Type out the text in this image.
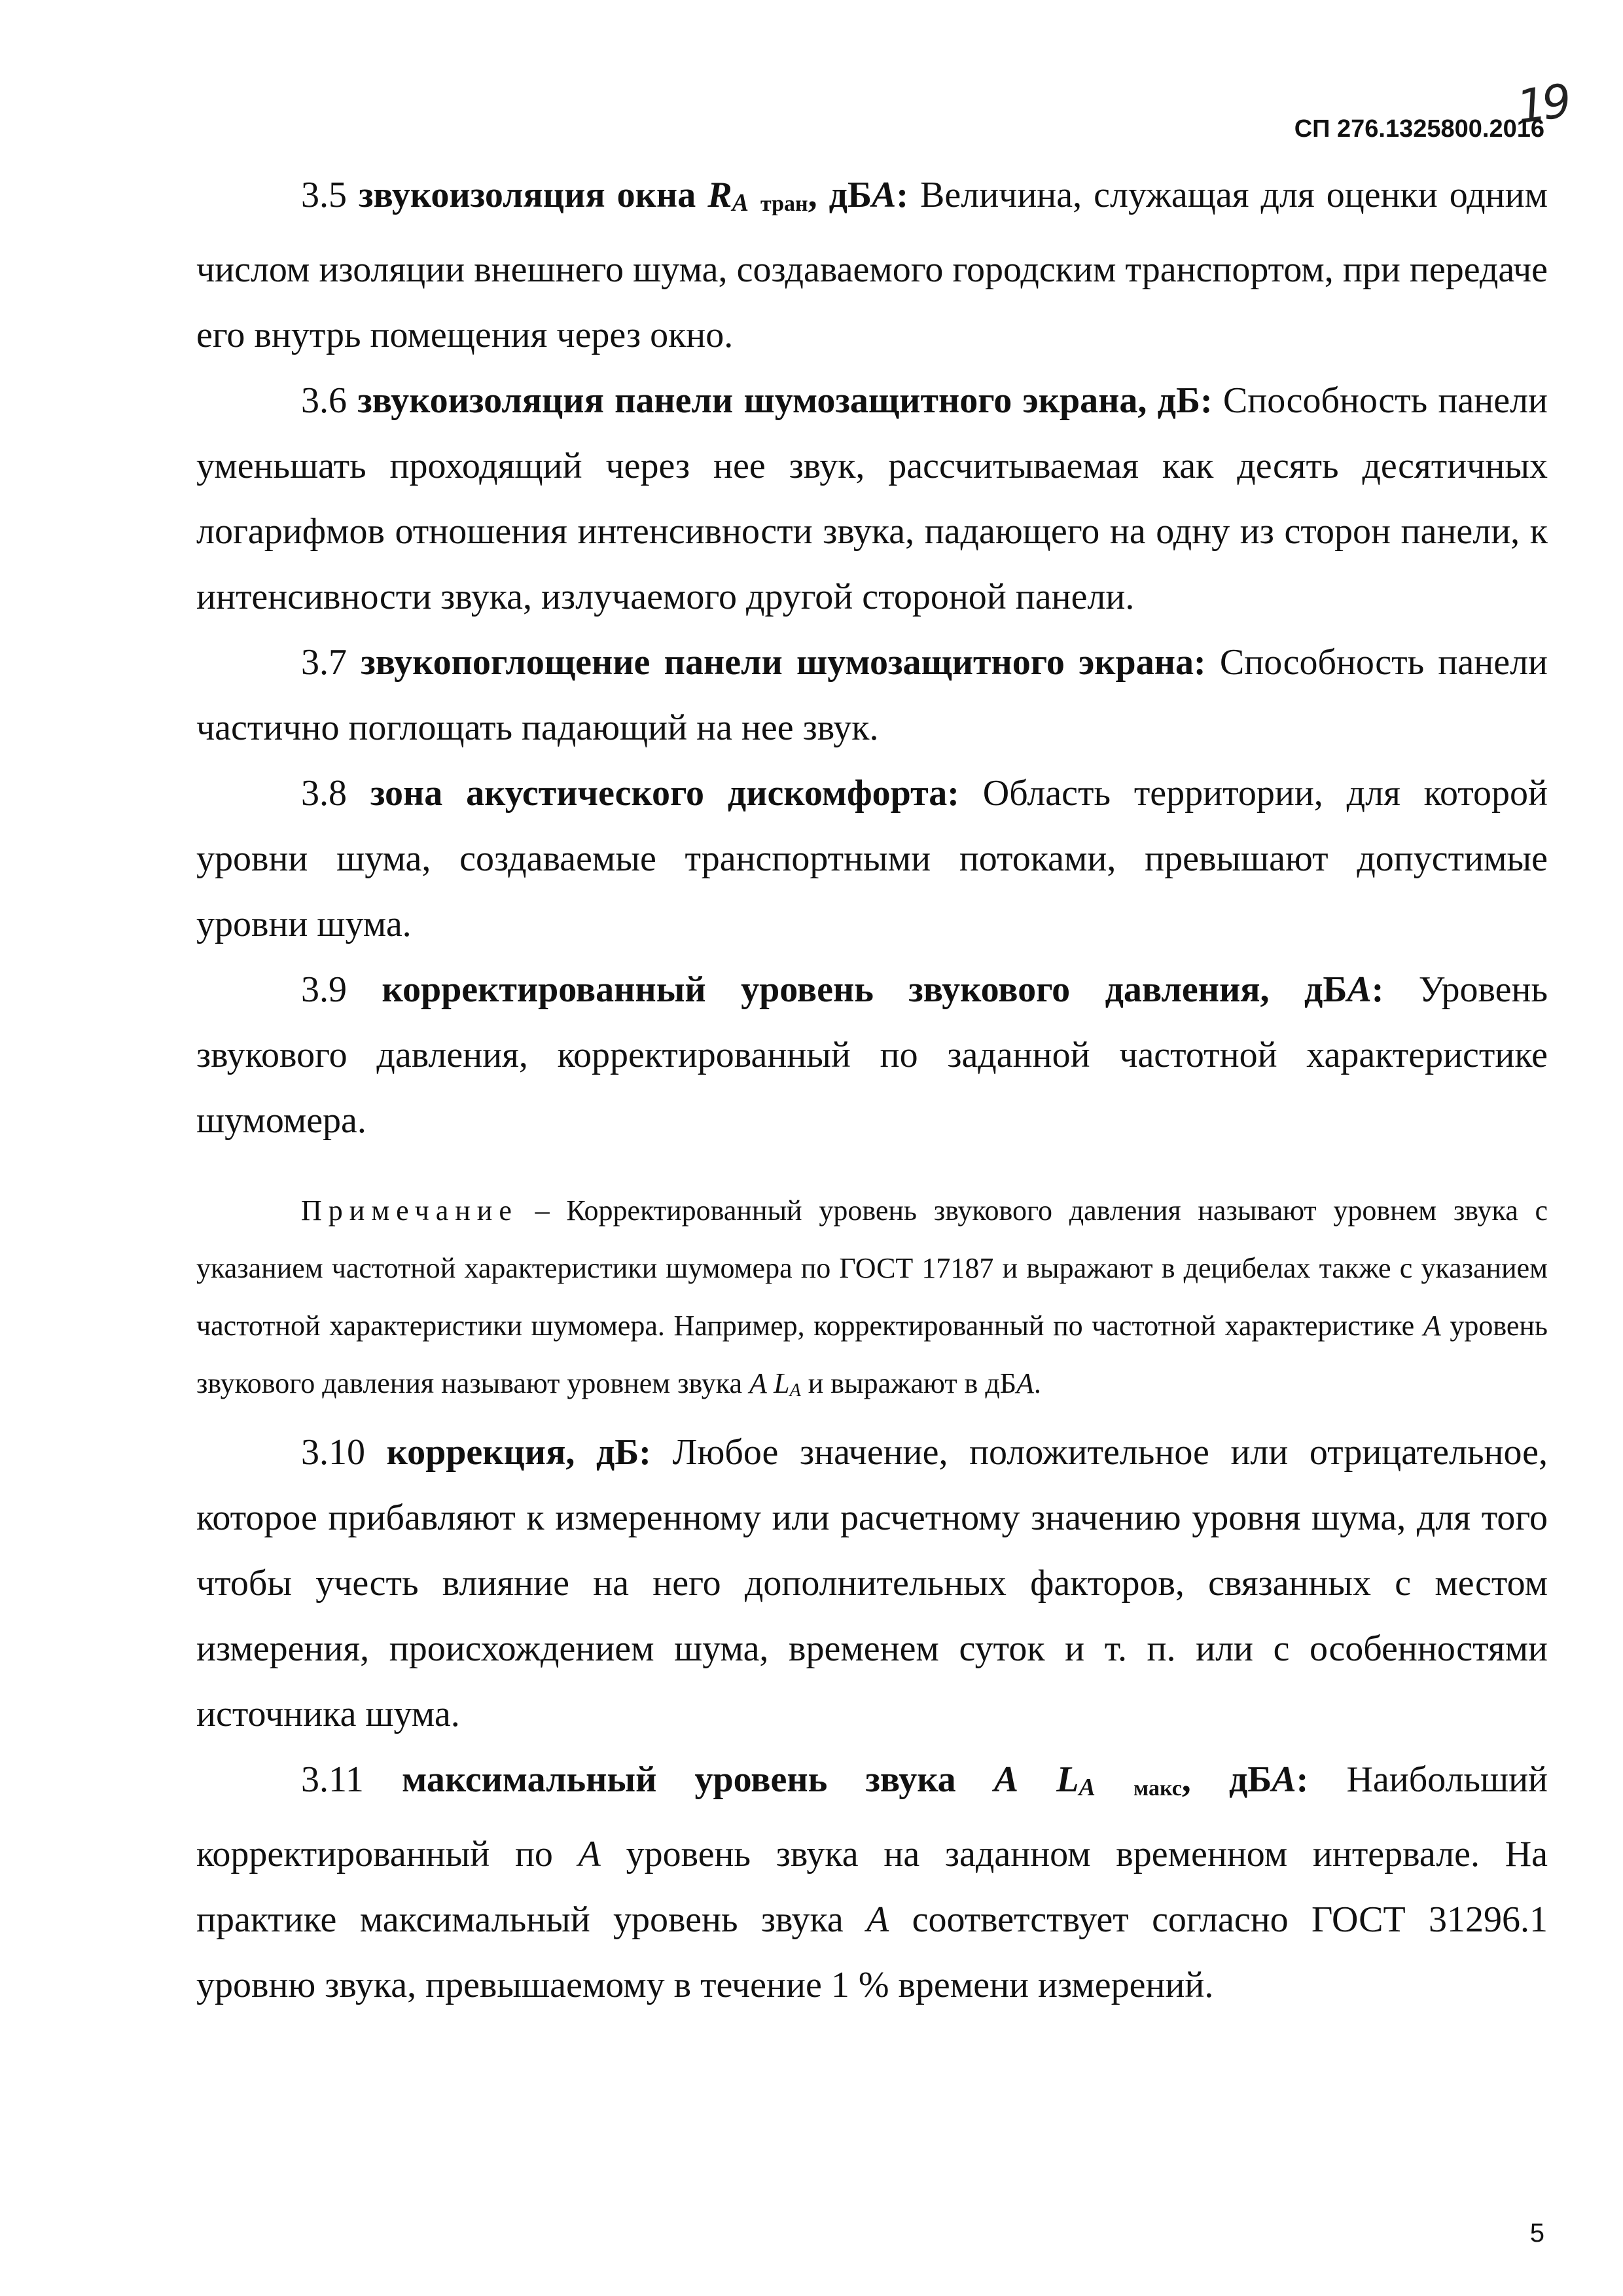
19
СП 276.1325800.2016

3.5 звукоизоляция окна RA тран, дБA: Величина, служащая для оценки одним числом изоляции внешнего шума, создаваемого городским транспортом, при передаче его внутрь помещения через окно.

3.6 звукоизоляция панели шумозащитного экрана, дБ: Способность панели уменьшать проходящий через нее звук, рассчитываемая как десять десятичных логарифмов отношения интенсивности звука, падающего на одну из сторон панели, к интенсивности звука, излучаемого другой стороной панели.

3.7 звукопоглощение панели шумозащитного экрана: Способность панели частично поглощать падающий на нее звук.

3.8 зона акустического дискомфорта: Область территории, для которой уровни шума, создаваемые транспортными потоками, превышают допустимые уровни шума.

3.9 корректированный уровень звукового давления, дБA: Уровень звукового давления, корректированный по заданной частотной характеристике шумомера.

Примечание – Корректированный уровень звукового давления называют уровнем звука с указанием частотной характеристики шумомера по ГОСТ 17187 и выражают в децибелах также с указанием частотной характеристики шумомера. Например, корректированный по частотной характеристике A уровень звукового давления называют уровнем звука A LA и выражают в дБA.

3.10 коррекция, дБ: Любое значение, положительное или отрицательное, которое прибавляют к измеренному или расчетному значению уровня шума, для того чтобы учесть влияние на него дополнительных факторов, связанных с местом измерения, происхождением шума, временем суток и т. п. или с особенностями источника шума.

3.11 максимальный уровень звука A LA макс, дБA: Наибольший корректированный по A уровень звука на заданном временном интервале. На практике максимальный уровень звука A соответствует согласно ГОСТ 31296.1 уровню звука, превышаемому в течение 1 % времени измерений.

5
